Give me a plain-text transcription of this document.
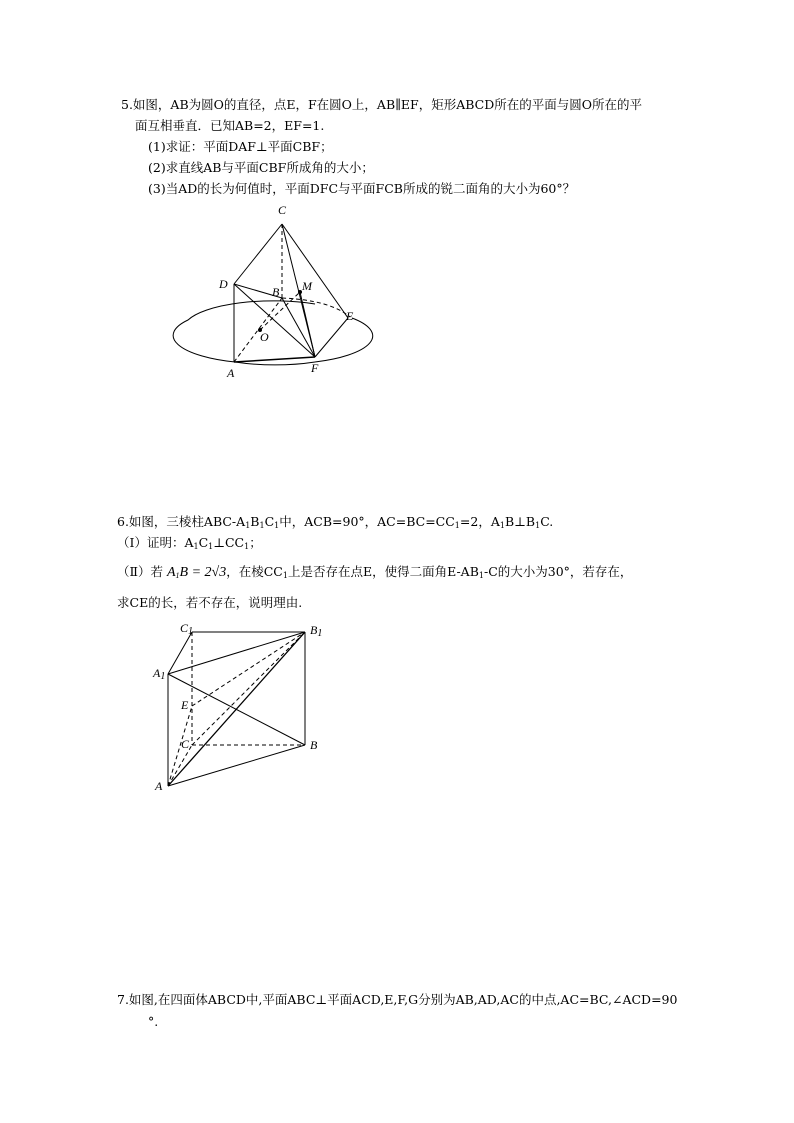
5.如图，AB为圆O的直径，点E，F在圆O上，AB∥EF，矩形ABCD所在的平面与圆O所在的平
面互相垂直．已知AB=2，EF=1.
(1)求证：平面DAF⊥平面CBF；
(2)求直线AB与平面CBF所成角的大小；
(3)当AD的长为何值时，平面DFC与平面FCB所成的锐二面角的大小为60°？
C
D
B M
E
O
A	F
6.如图，三棱柱ABC-$A_1B_1C_1$中，ACB=90°，$AC=BC=CC_1=2$，$A_1B\perp B_1C$.
（Ⅰ）证明：$A_1C_1\perp CC_1$；
（Ⅱ）若 $A_1B = 2√3$，在棱$CC_1$上是否存在点E，使得二面角$E-AB_1-C$的大小为30°，若存在，
求CE的长，若不存在，说明理由.
C1	B1
A1
E
C	B
A
7.如图,在四面体ABCD中,平面ABC⊥平面ACD,E,F,G分别为AB,AD,AC的中点,AC=BC,∠ACD=90
°.
